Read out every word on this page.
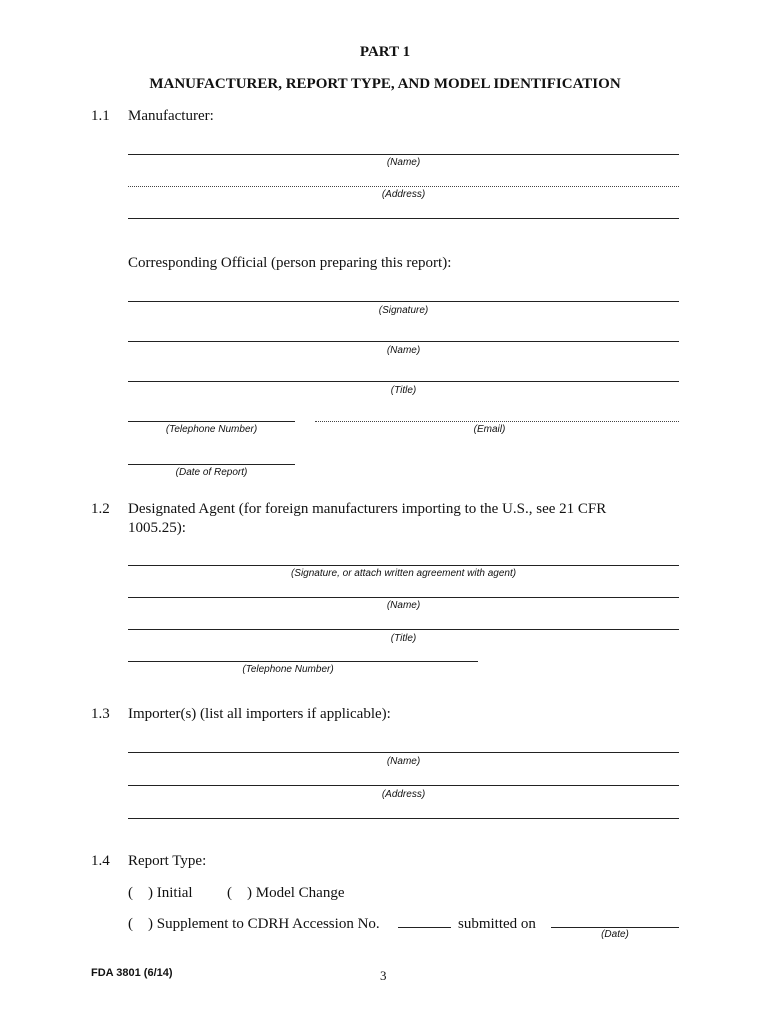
PART 1
MANUFACTURER, REPORT TYPE, AND MODEL IDENTIFICATION
1.1 Manufacturer:
(Name)
(Address)
Corresponding Official (person preparing this report):
(Signature)
(Name)
(Title)
(Telephone Number)	(Email)
(Date of Report)
1.2 Designated Agent (for foreign manufacturers importing to the U.S., see 21 CFR
1005.25):
(Signature, or attach written agreement with agent)
(Name)
(Title)
(Telephone Number)
1.3 Importer(s) (list all importers if applicable):
(Name)
(Address)
1.4 Report Type:
(    ) Initial (    ) Model Change
(    ) Supplement to CDRH Accession No.	submitted on
(Date)
FDA 3801 (6/14)	3
